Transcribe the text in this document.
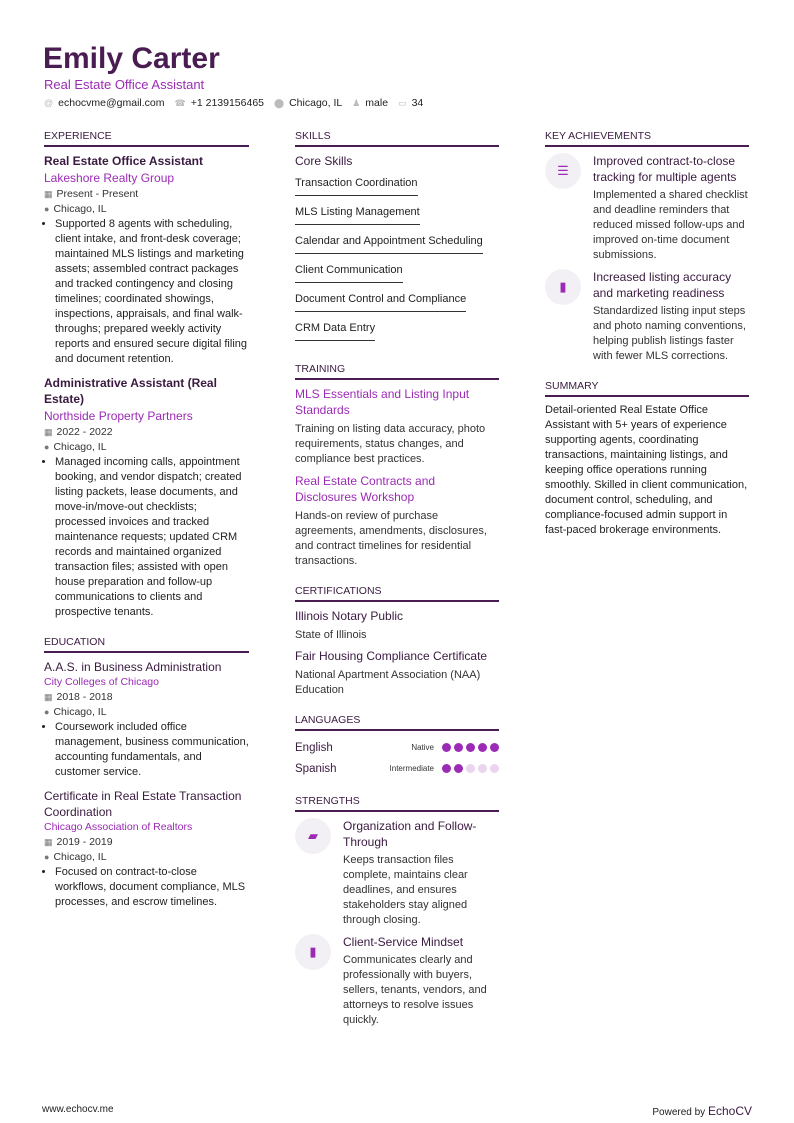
Emily Carter
Real Estate Office Assistant
@ echocvme@gmail.com ☎ +1 2139156465 ⬤ Chicago, IL ♟ male ▭ 34
EXPERIENCE
Real Estate Office Assistant
Lakeshore Realty Group
▦ Present - Present
● Chicago, IL
• Supported 8 agents with scheduling, client intake, and front-desk coverage; maintained MLS listings and marketing assets; assembled contract packages and tracked contingency and closing timelines; coordinated showings, inspections, appraisals, and final walk-throughs; prepared weekly activity reports and ensured secure digital filing and document retention.
Administrative Assistant (Real Estate)
Northside Property Partners
▦ 2022 - 2022
● Chicago, IL
• Managed incoming calls, appointment booking, and vendor dispatch; created listing packets, lease documents, and move-in/move-out checklists; processed invoices and tracked maintenance requests; updated CRM records and maintained organized transaction files; assisted with open house preparation and follow-up communications to clients and prospective tenants.
EDUCATION
A.A.S. in Business Administration
City Colleges of Chicago
▦ 2018 - 2018
● Chicago, IL
• Coursework included office management, business communication, accounting fundamentals, and customer service.
Certificate in Real Estate Transaction Coordination
Chicago Association of Realtors
▦ 2019 - 2019
● Chicago, IL
• Focused on contract-to-close workflows, document compliance, MLS processes, and escrow timelines.
SKILLS
Core Skills
Transaction Coordination
MLS Listing Management
Calendar and Appointment Scheduling
Client Communication
Document Control and Compliance
CRM Data Entry
TRAINING
MLS Essentials and Listing Input Standards
Training on listing data accuracy, photo requirements, status changes, and compliance best practices.
Real Estate Contracts and Disclosures Workshop
Hands-on review of purchase agreements, amendments, disclosures, and contract timelines for residential transactions.
CERTIFICATIONS
Illinois Notary Public
State of Illinois
Fair Housing Compliance Certificate
National Apartment Association (NAA) Education
LANGUAGES
English	Native
Spanish	Intermediate
STRENGTHS
▰
Organization and Follow-Through
Keeps transaction files complete, maintains clear deadlines, and ensures stakeholders stay aligned through closing.
▮
Client-Service Mindset
Communicates clearly and professionally with buyers, sellers, tenants, vendors, and attorneys to resolve issues quickly.
KEY ACHIEVEMENTS
☰
Improved contract-to-close tracking for multiple agents
Implemented a shared checklist and deadline reminders that reduced missed follow-ups and improved on-time document submissions.
▮
Increased listing accuracy and marketing readiness
Standardized listing input steps and photo naming conventions, helping publish listings faster with fewer MLS corrections.
SUMMARY
Detail-oriented Real Estate Office Assistant with 5+ years of experience supporting agents, coordinating transactions, maintaining listings, and keeping office operations running smoothly. Skilled in client communication, document control, scheduling, and compliance-focused admin support in fast-paced brokerage environments.
www.echocv.me	Powered by EchoCV
